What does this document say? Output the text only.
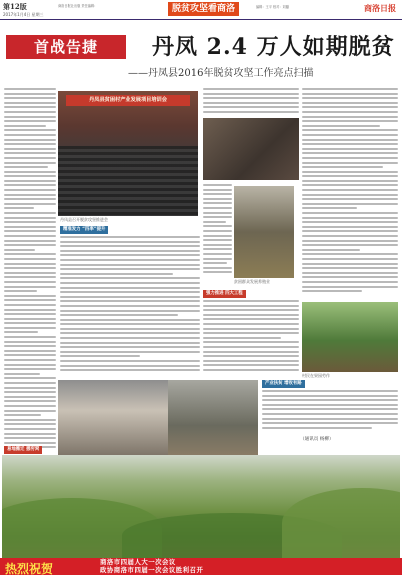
第12版
2017年1月4日 星期三
商洛日报社出版 责任编辑：	脱贫攻坚看商洛	编辑：王平 校对：刘璐	商洛日报
首战告捷	丹凤 2.4 万人如期脱贫
——丹凤县2016年脱贫攻坚工作亮点扫描
丹凤县贫困村产业发展项目培训会
丹凤县召开脱贫攻坚推进会
精准发力 “四率”提升
贫困群众发展养殖业
强力推进 四大工程
村民在果园劳作
产业扶贫 增收有路
（通讯员 杨柳）
易地搬迁 挪穷窝
热烈祝贺	商洛市四届人大一次会议
政协商洛市四届一次会议胜利召开
